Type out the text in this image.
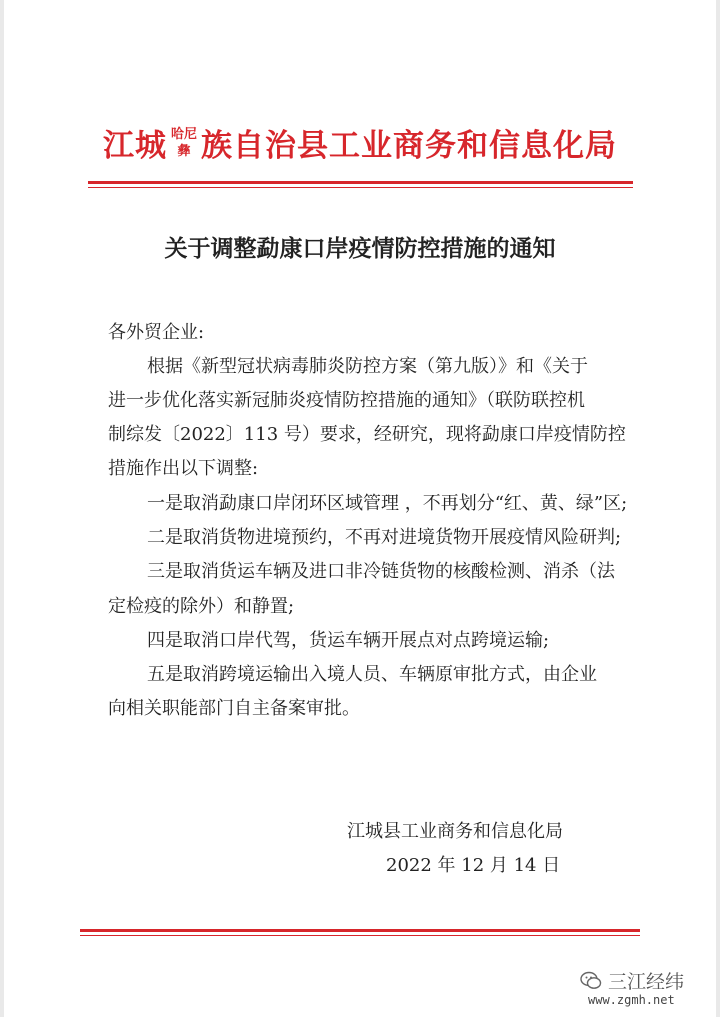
江城 哈尼
彝 族自治县工业商务和信息化局
关于调整勐康口岸疫情防控措施的通知
各外贸企业:
根据《新型冠状病毒肺炎防控方案（第九版）》和《关于
进一步优化落实新冠肺炎疫情防控措施的通知》（联防联控机
制综发〔2022〕113 号）要求，经研究，现将勐康口岸疫情防控
措施作出以下调整:
一是取消勐康口岸闭环区域管理 ，不再划分“红、黄、绿”区;
二是取消货物进境预约，不再对进境货物开展疫情风险研判;
三是取消货运车辆及进口非冷链货物的核酸检测、消杀（法
定检疫的除外）和静置;
四是取消口岸代驾，货运车辆开展点对点跨境运输;
五是取消跨境运输出入境人员、车辆原审批方式，由企业
向相关职能部门自主备案审批。
江城县工业商务和信息化局
2022 年 12 月 14 日
三江经纬
www.zgmh.net
